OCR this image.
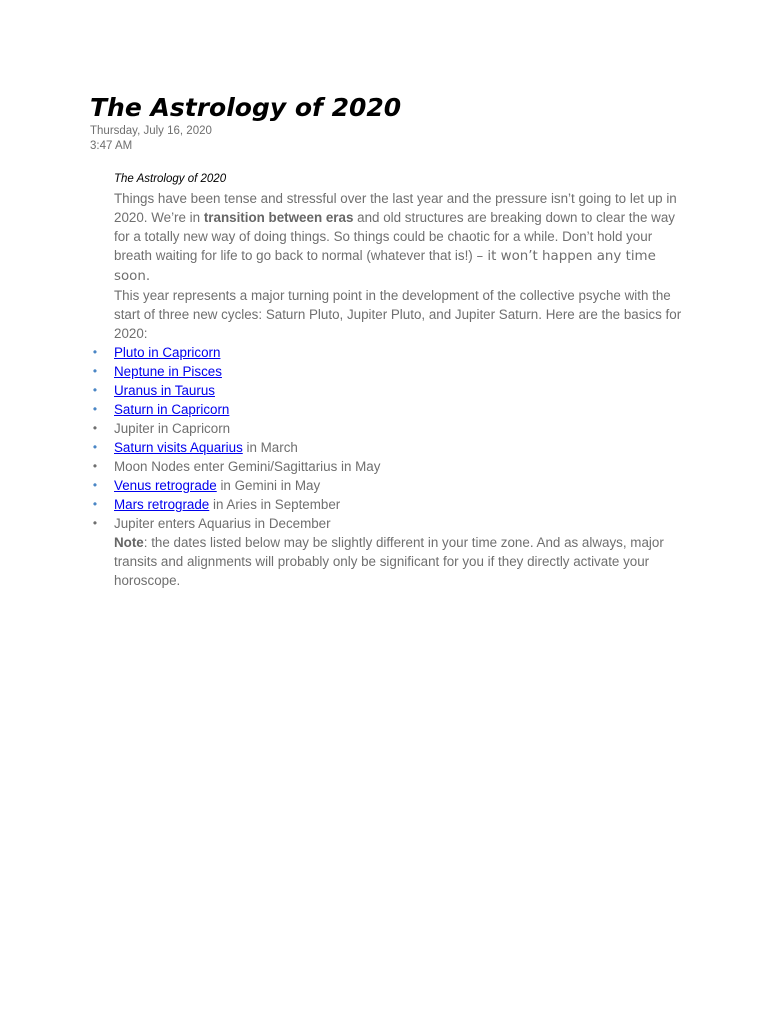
The Astrology of 2020
Thursday, July 16, 2020
3:47 AM

The Astrology of 2020

Things have been tense and stressful over the last year and the pressure isn’t going to let up in 2020. We’re in transition between eras and old structures are breaking down to clear the way for a totally new way of doing things. So things could be chaotic for a while. Don’t hold your breath waiting for life to go back to normal (whatever that is!) – it won’t happen any time soon.

This year represents a major turning point in the development of the collective psyche with the start of three new cycles: Saturn Pluto, Jupiter Pluto, and Jupiter Saturn. Here are the basics for 2020:

• Pluto in Capricorn
• Neptune in Pisces
• Uranus in Taurus
• Saturn in Capricorn
• Jupiter in Capricorn
• Saturn visits Aquarius in March
• Moon Nodes enter Gemini/Sagittarius in May
• Venus retrograde in Gemini in May
• Mars retrograde in Aries in September
• Jupiter enters Aquarius in December

Note: the dates listed below may be slightly different in your time zone. And as always, major transits and alignments will probably only be significant for you if they directly activate your horoscope.
